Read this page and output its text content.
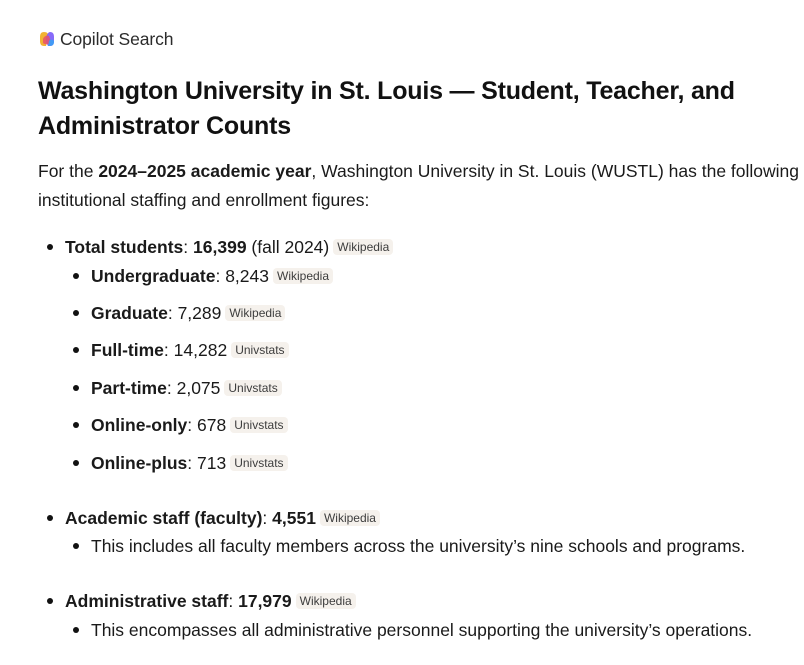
Copilot Search
Washington University in St. Louis — Student, Teacher, and Administrator Counts

For the 2024–2025 academic year, Washington University in St. Louis (WUSTL) has the following institutional staffing and enrollment figures:

Total students: 16,399 (fall 2024) Wikipedia
Undergraduate: 8,243 Wikipedia
Graduate: 7,289 Wikipedia
Full-time: 14,282 Univstats
Part-time: 2,075 Univstats
Online-only: 678 Univstats
Online-plus: 713 Univstats
Academic staff (faculty): 4,551 Wikipedia
This includes all faculty members across the university’s nine schools and programs.
Administrative staff: 17,979 Wikipedia
This encompasses all administrative personnel supporting the university’s operations.
